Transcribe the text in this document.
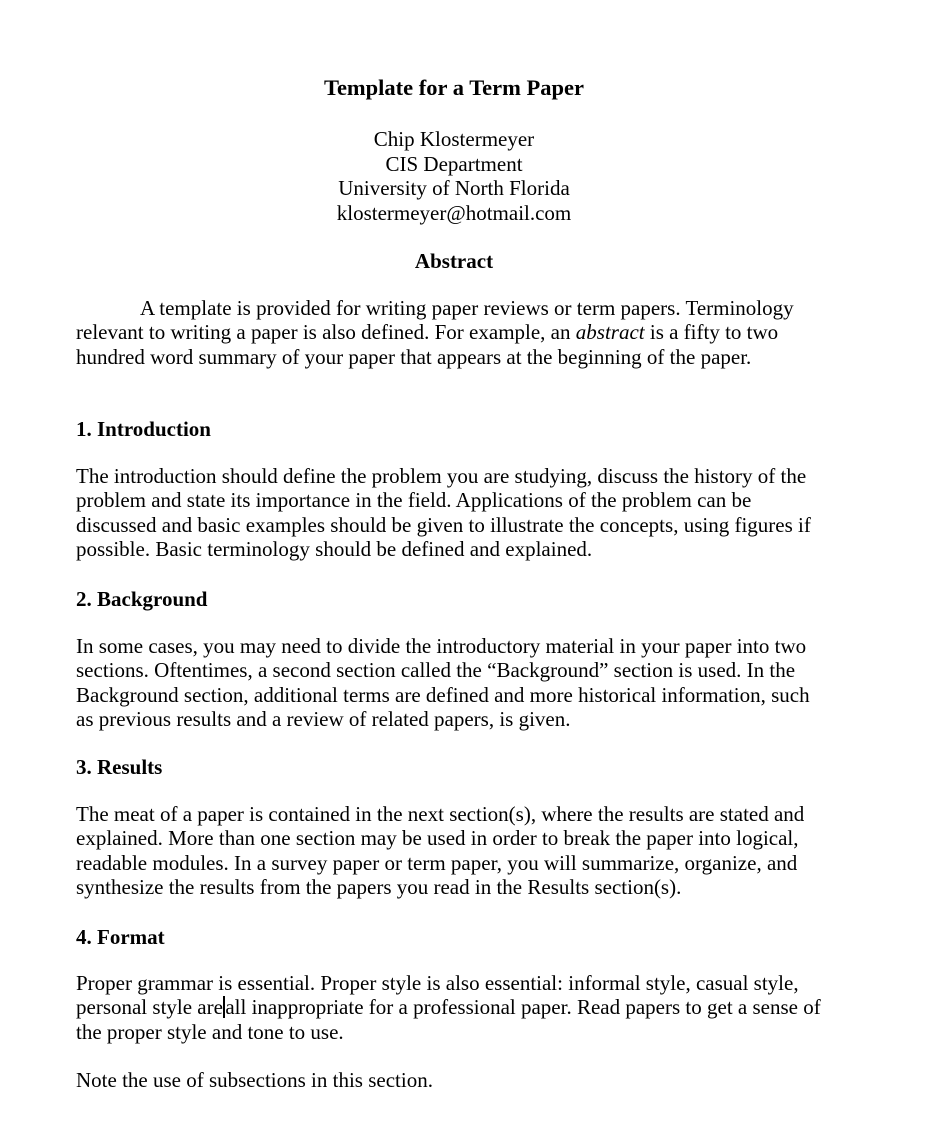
Template for a Term Paper
Chip Klostermeyer
CIS Department
University of North Florida
klostermeyer@hotmail.com
Abstract

A template is provided for writing paper reviews or term papers. Terminology
relevant to writing a paper is also defined. For example, an abstract is a fifty to two
hundred word summary of your paper that appears at the beginning of the paper.

1. Introduction

The introduction should define the problem you are studying, discuss the history of the
problem and state its importance in the field. Applications of the problem can be
discussed and basic examples should be given to illustrate the concepts, using figures if
possible. Basic terminology should be defined and explained.

2. Background

In some cases, you may need to divide the introductory material in your paper into two
sections. Oftentimes, a second section called the “Background” section is used. In the
Background section, additional terms are defined and more historical information, such
as previous results and a review of related papers, is given.

3. Results

The meat of a paper is contained in the next section(s), where the results are stated and
explained. More than one section may be used in order to break the paper into logical,
readable modules. In a survey paper or term paper, you will summarize, organize, and
synthesize the results from the papers you read in the Results section(s).

4. Format

Proper grammar is essential. Proper style is also essential: informal style, casual style,
personal style are all inappropriate for a professional paper. Read papers to get a sense of
the proper style and tone to use.

Note the use of subsections in this section.
